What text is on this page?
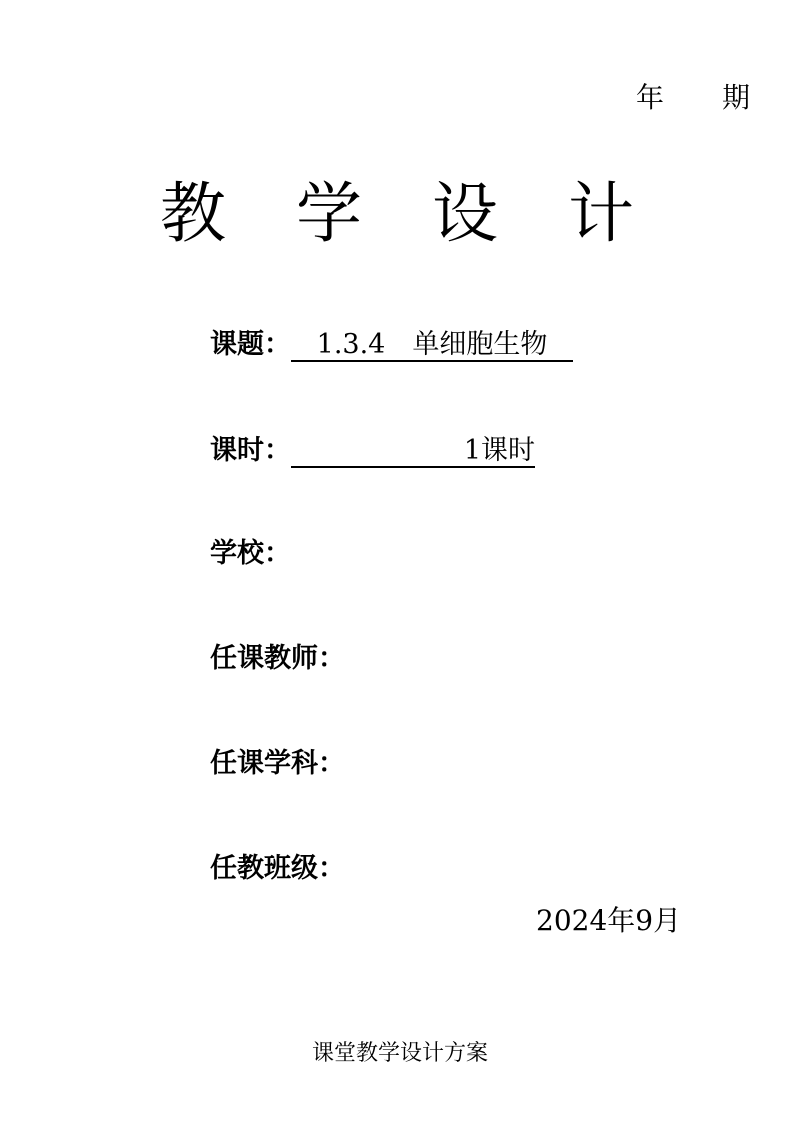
年 期
教 学 设 计
课题： 1.3.4　单细胞生物
课时：	1课时
学校：
任课教师：
任课学科：
任教班级：
2024年9月
课堂教学设计方案
